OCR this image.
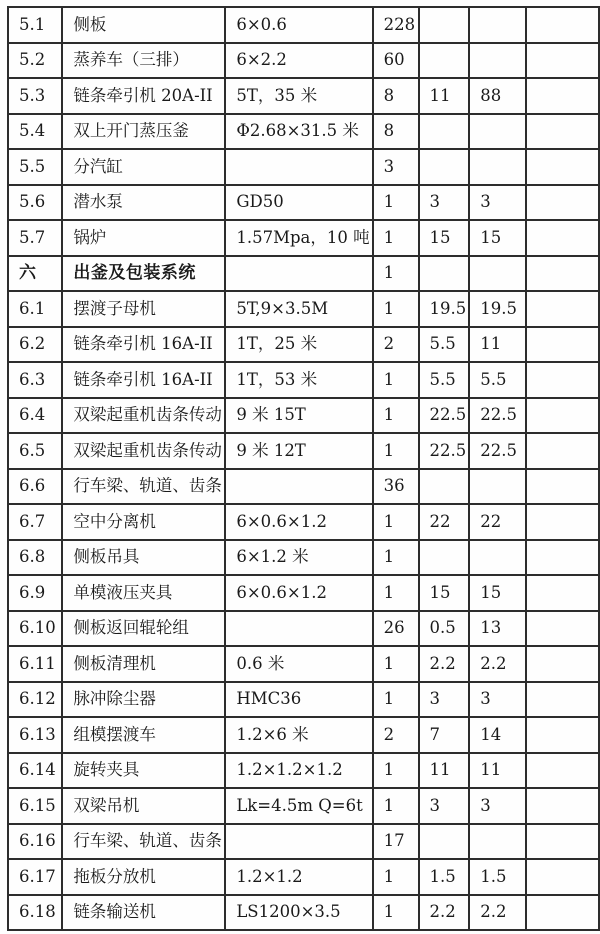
5.1	侧板	6×0.6	228			
5.2	蒸养车（三排）	6×2.2	60			
5.3	链条牵引机 20A-II	5T，35 米	8	11	88	
5.4	双上开门蒸压釜	Φ2.68×31.5 米	8			
5.5	分汽缸		3			
5.6	潜水泵	GD50	1	3	3	
5.7	锅炉	1.57Mpa，10 吨	1	15	15	
六	出釜及包装系统		1			
6.1	摆渡子母机	5T,9×3.5M	1	19.5	19.5	
6.2	链条牵引机 16A-II	1T，25 米	2	5.5	11	
6.3	链条牵引机 16A-II	1T，53 米	1	5.5	5.5	
6.4	双梁起重机齿条传动	9 米 15T	1	22.5	22.5	
6.5	双梁起重机齿条传动	9 米 12T	1	22.5	22.5	
6.6	行车梁、轨道、齿条		36			
6.7	空中分离机	6×0.6×1.2	1	22	22	
6.8	侧板吊具	6×1.2 米	1			
6.9	单模液压夹具	6×0.6×1.2	1	15	15	
6.10	侧板返回辊轮组		26	0.5	13	
6.11	侧板清理机	0.6 米	1	2.2	2.2	
6.12	脉冲除尘器	HMC36	1	3	3	
6.13	组模摆渡车	1.2×6 米	2	7	14	
6.14	旋转夹具	1.2×1.2×1.2	1	11	11	
6.15	双梁吊机	Lk=4.5m Q=6t	1	3	3	
6.16	行车梁、轨道、齿条		17			
6.17	拖板分放机	1.2×1.2	1	1.5	1.5	
6.18	链条输送机	LS1200×3.5	1	2.2	2.2	
